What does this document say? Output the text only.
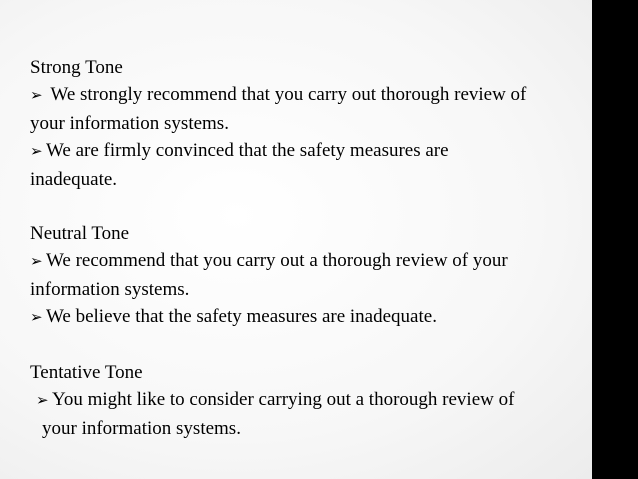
Strong Tone
➢ We strongly recommend that you carry out thorough review of
your information systems.
➢ We are firmly convinced that the safety measures are
inadequate.
Neutral Tone
➢ We recommend that you carry out a thorough review of your
information systems.
➢ We believe that the safety measures are inadequate.
Tentative Tone
➢ You might like to consider carrying out a thorough review of
your information systems.
